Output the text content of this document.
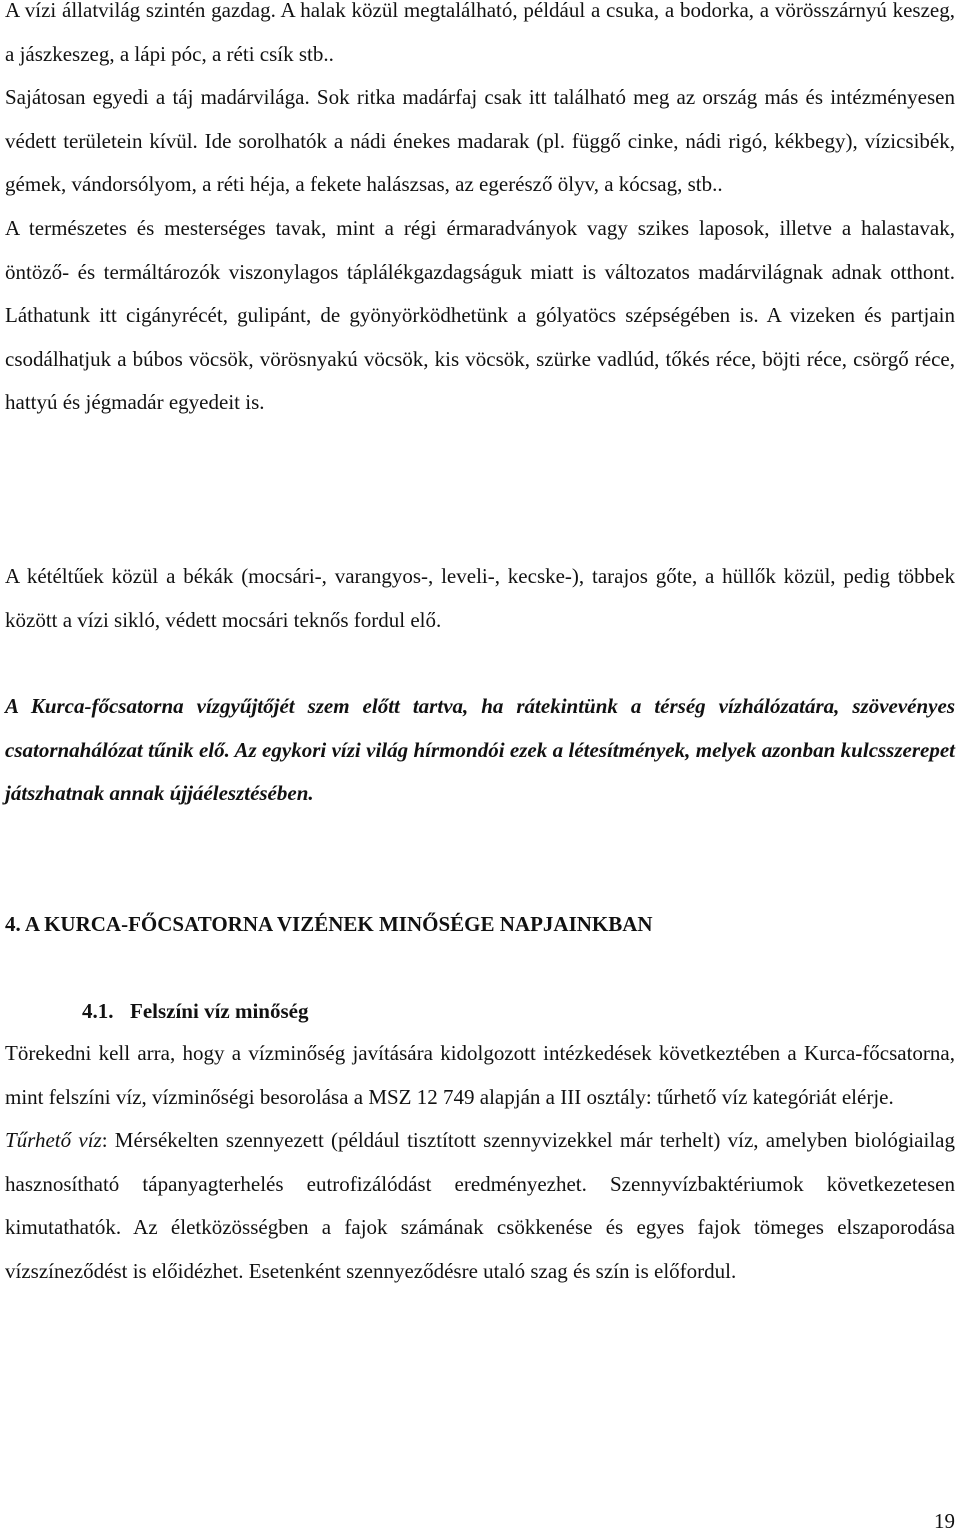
A vízi állatvilág szintén gazdag. A halak közül megtalálható, például a csuka, a bodorka, a vörösszárnyú keszeg, a jászkeszeg, a lápi póc, a réti csík stb..

Sajátosan egyedi a táj madárvilága. Sok ritka madárfaj csak itt található meg az ország más és intézményesen védett területein kívül. Ide sorolhatók a nádi énekes madarak (pl. függő cinke, nádi rigó, kékbegy), vízicsibék, gémek, vándorsólyom, a réti héja, a fekete halászsas, az egerésző ölyv, a kócsag, stb..

A természetes és mesterséges tavak, mint a régi érmaradványok vagy szikes laposok, illetve a halastavak, öntöző- és termáltározók viszonylagos táplálékgazdagságuk miatt is változatos madárvilágnak adnak otthont. Láthatunk itt cigányrécét, gulipánt, de gyönyörködhetünk a gólyatöcs szépségében is. A vizeken és partjain csodálhatjuk a búbos vöcsök, vörösnyakú vöcsök, kis vöcsök, szürke vadlúd, tőkés réce, böjti réce, csörgő réce, hattyú és jégmadár egyedeit is.

A kétéltűek közül a békák (mocsári-, varangyos-, leveli-, kecske-), tarajos gőte, a hüllők közül, pedig többek között a vízi sikló, védett mocsári teknős fordul elő.

A Kurca-főcsatorna vízgyűjtőjét szem előtt tartva, ha rátekintünk a térség vízhálózatára, szövevényes csatornahálózat tűnik elő. Az egykori vízi világ hírmondói ezek a létesítmények, melyek azonban kulcsszerepet játszhatnak annak újjáélesztésében.

4. A KURCA-FŐCSATORNA VIZÉNEK MINŐSÉGE NAPJAINKBAN
4.1. Felszíni víz minőség

Törekedni kell arra, hogy a vízminőség javítására kidolgozott intézkedések következtében a Kurca-főcsatorna, mint felszíni víz, vízminőségi besorolása a MSZ 12 749 alapján a III osztály: tűrhető víz kategóriát elérje.

Tűrhető víz: Mérsékelten szennyezett (például tisztított szennyvizekkel már terhelt) víz, amelyben biológiailag hasznosítható tápanyagterhelés eutrofizálódást eredményezhet. Szennyvízbaktériumok következetesen kimutathatók. Az életközösségben a fajok számának csökkenése és egyes fajok tömeges elszaporodása vízszíneződést is előidézhet. Esetenként szennyeződésre utaló szag és szín is előfordul.

19
